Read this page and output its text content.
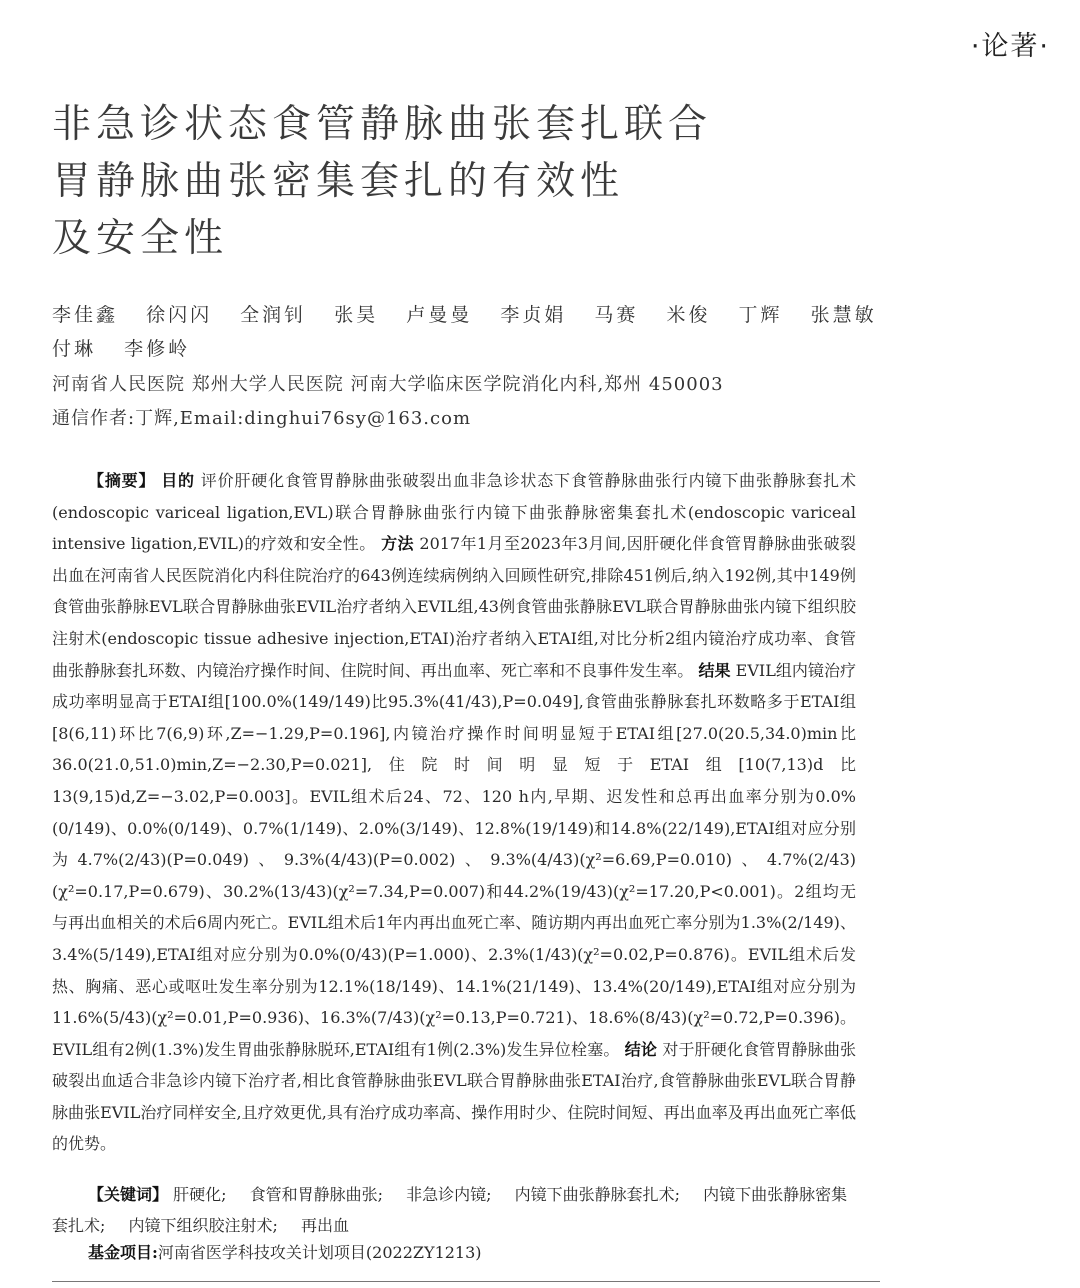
·论著·
非急诊状态食管静脉曲张套扎联合
胃静脉曲张密集套扎的有效性
及安全性
李佳鑫 徐闪闪 全润钊 张昊 卢曼曼 李贞娟 马赛 米俊 丁辉 张慧敏
付琳 李修岭
河南省人民医院 郑州大学人民医院 河南大学临床医学院消化内科,郑州 450003
通信作者:丁辉,Email:dinghui76sy@163.com
【摘要】 目的 评价肝硬化食管胃静脉曲张破裂出血非急诊状态下食管静脉曲张行内镜下曲张静脉套扎术(endoscopic variceal ligation,EVL)联合胃静脉曲张行内镜下曲张静脉密集套扎术(endoscopic variceal intensive ligation,EVIL)的疗效和安全性。 方法 2017年1月至2023年3月间,因肝硬化伴食管胃静脉曲张破裂出血在河南省人民医院消化内科住院治疗的643例连续病例纳入回顾性研究,排除451例后,纳入192例,其中149例食管曲张静脉EVL联合胃静脉曲张EVIL治疗者纳入EVIL组,43例食管曲张静脉EVL联合胃静脉曲张内镜下组织胶注射术(endoscopic tissue adhesive injection,ETAI)治疗者纳入ETAI组,对比分析2组内镜治疗成功率、食管曲张静脉套扎环数、内镜治疗操作时间、住院时间、再出血率、死亡率和不良事件发生率。 结果 EVIL组内镜治疗成功率明显高于ETAI组[100.0%(149/149)比95.3%(41/43),P=0.049],食管曲张静脉套扎环数略多于ETAI组[8(6,11)环比7(6,9)环,Z=−1.29,P=0.196],内镜治疗操作时间明显短于ETAI组[27.0(20.5,34.0)min比36.0(21.0,51.0)min,Z=−2.30,P=0.021],住院时间明显短于ETAI组[10(7,13)d比13(9,15)d,Z=−3.02,P=0.003]。EVIL组术后24、72、120 h内,早期、迟发性和总再出血率分别为0.0%(0/149)、0.0%(0/149)、0.7%(1/149)、2.0%(3/149)、12.8%(19/149)和14.8%(22/149),ETAI组对应分别为4.7%(2/43)(P=0.049)、9.3%(4/43)(P=0.002)、9.3%(4/43)(χ²=6.69,P=0.010)、4.7%(2/43)(χ²=0.17,P=0.679)、30.2%(13/43)(χ²=7.34,P=0.007)和44.2%(19/43)(χ²=17.20,P<0.001)。2组均无与再出血相关的术后6周内死亡。EVIL组术后1年内再出血死亡率、随访期内再出血死亡率分别为1.3%(2/149)、3.4%(5/149),ETAI组对应分别为0.0%(0/43)(P=1.000)、2.3%(1/43)(χ²=0.02,P=0.876)。EVIL组术后发热、胸痛、恶心或呕吐发生率分别为12.1%(18/149)、14.1%(21/149)、13.4%(20/149),ETAI组对应分别为11.6%(5/43)(χ²=0.01,P=0.936)、16.3%(7/43)(χ²=0.13,P=0.721)、18.6%(8/43)(χ²=0.72,P=0.396)。EVIL组有2例(1.3%)发生胃曲张静脉脱环,ETAI组有1例(2.3%)发生异位栓塞。 结论 对于肝硬化食管胃静脉曲张破裂出血适合非急诊内镜下治疗者,相比食管静脉曲张EVL联合胃静脉曲张ETAI治疗,食管静脉曲张EVL联合胃静脉曲张EVIL治疗同样安全,且疗效更优,具有治疗成功率高、操作用时少、住院时间短、再出血率及再出血死亡率低的优势。
【关键词】 肝硬化; 食管和胃静脉曲张; 非急诊内镜; 内镜下曲张静脉套扎术; 内镜下曲张静脉密集套扎术; 内镜下组织胶注射术; 再出血
基金项目:河南省医学科技攻关计划项目(2022ZY1213)
